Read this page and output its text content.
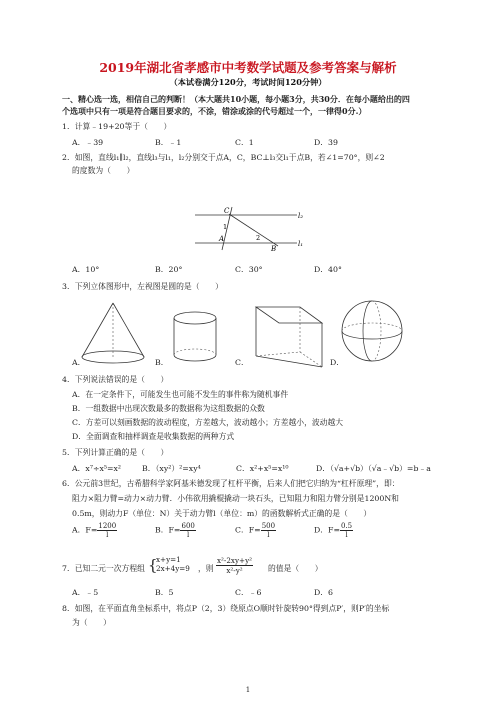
2019年湖北省孝感市中考数学试题及参考答案与解析
（本试卷满分120分，考试时间120分钟）
一、精心选一选，相信自己的判断！（本大题共10小题，每小题3分，共30分．在每小题给出的四
个选项中只有一项是符合题目要求的，不涂，错涂或涂的代号超过一个，一律得0分.）
1．计算﹣19+20等于（　　）
A．﹣39	B．﹣1	C．1	D．39
2．如图，直线l₁∥l₂，直线l₃与l₁，l₂分别交于点A，C，BC⊥l₃交l₁于点B，若∠1=70°，则∠2
的度数为（　　）
C
1
A	2
B
l₂
l₁
A．10°	B．20°	C．30°	D．40°
3．下列立体图形中，左视图是圆的是（　　）
A．	B．	C．	D．
4．下列说法错误的是（　　）
A．在一定条件下，可能发生也可能不发生的事件称为随机事件
B．一组数据中出现次数最多的数据称为这组数据的众数
C．方差可以刻画数据的波动程度，方差越大，波动越小；方差越小，波动越大
D．全面调查和抽样调查是收集数据的两种方式
5．下列计算正确的是（　　）
A．x⁷÷x⁵=x²	B．（xy²）²=xy⁴	C．x²+x⁵=x¹⁰	D．（√a+√b）（√a﹣√b）=b﹣a
6．公元前3世纪，古希腊科学家阿基米德发现了杠杆平衡，后来人们把它归纳为“杠杆原理”，即：
阻力×阻力臂=动力×动力臂．小伟欲用撬棍撬动一块石头，已知阻力和阻力臂分别是1200N和
0.5m，则动力F（单位：N）关于动力臂l（单位：m）的函数解析式正确的是（　　）
A．$F= \frac{1200}{l}$	B．$F= \frac{600}{l}$	C．$F= \frac{500}{l}$	D．$F= \frac{0.5}{l}$
7．已知二元一次方程组 {
x+y=1
2x+4y=9 ，则 $\frac{\text{x²-2xy+y²}}{\text{x²-y²}}$ 的值是（　　）
A．﹣5	B．5	C．﹣6	D．6
8．如图，在平面直角坐标系中，将点P（2，3）绕原点O顺时针旋转90°得到点P′，则P′的坐标
为（　　）
1
